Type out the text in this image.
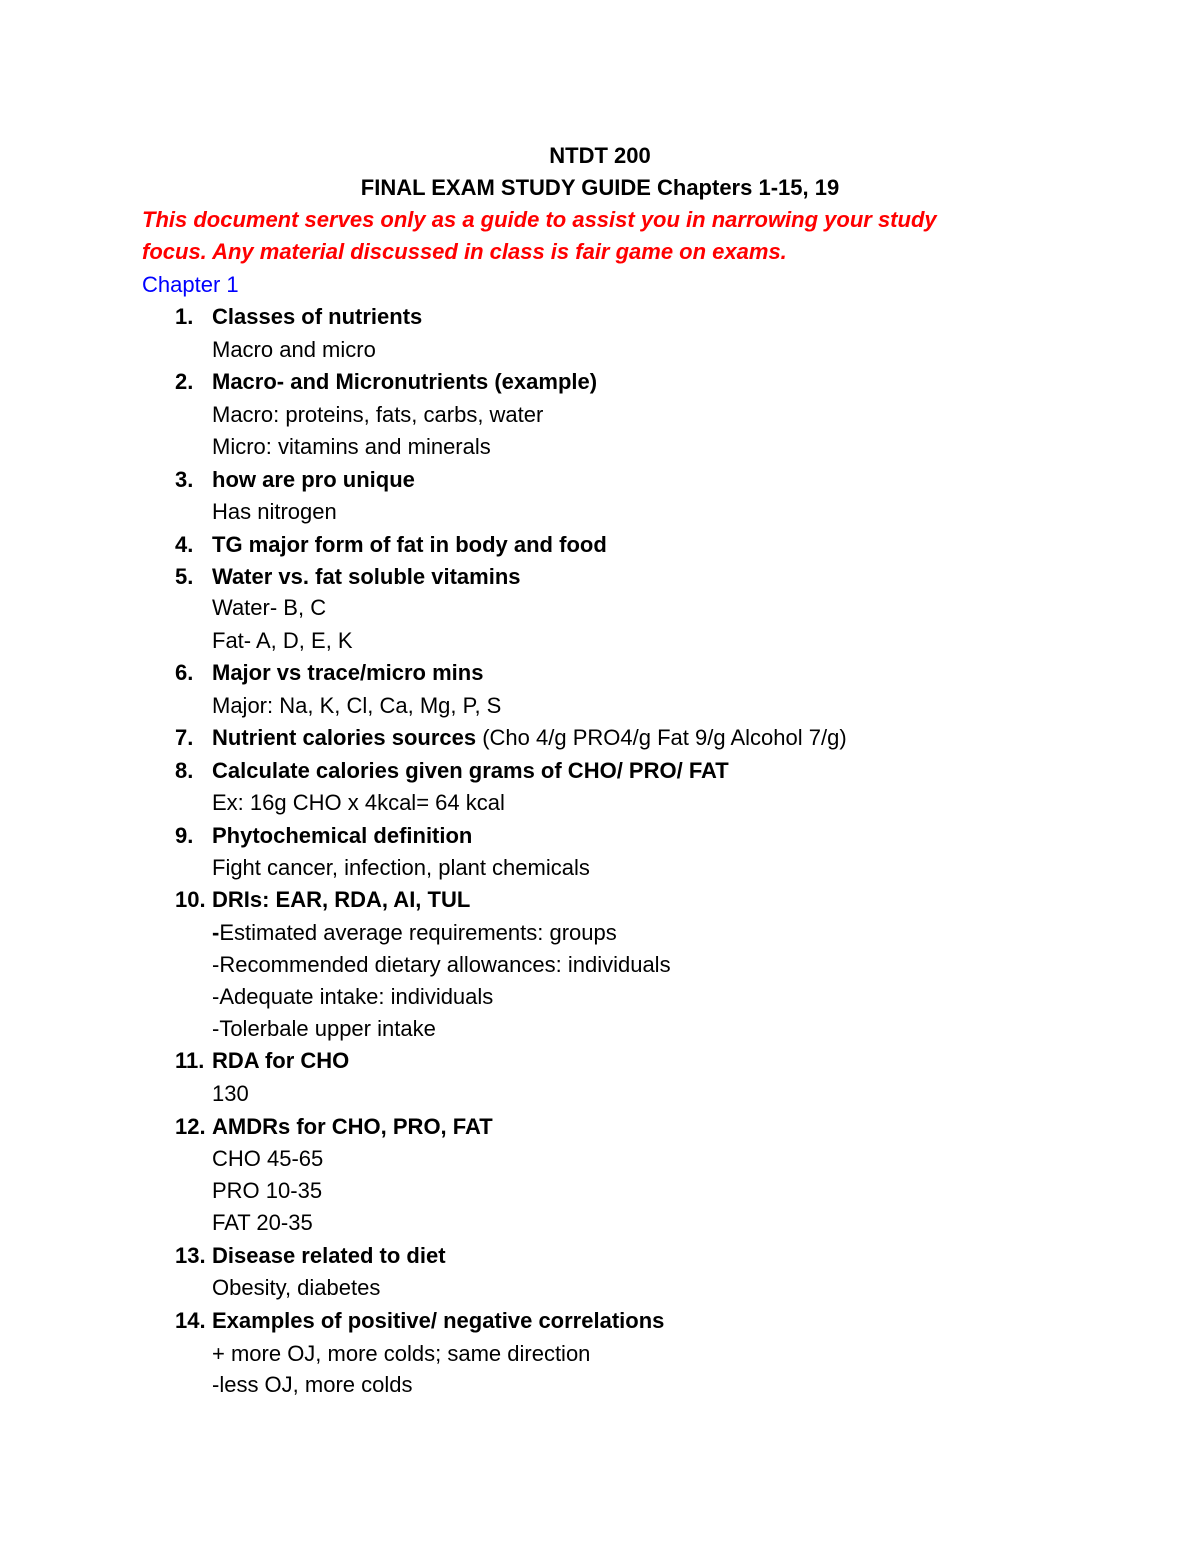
NTDT 200
FINAL EXAM STUDY GUIDE Chapters 1-15, 19
This document serves only as a guide to assist you in narrowing your study
focus. Any material discussed in class is fair game on exams.
Chapter 1
1. Classes of nutrients
Macro and micro
2. Macro- and Micronutrients (example)
Macro: proteins, fats, carbs, water
Micro: vitamins and minerals
3. how are pro unique
Has nitrogen
4. TG major form of fat in body and food
5. Water vs. fat soluble vitamins
Water- B, C
Fat- A, D, E, K
6. Major vs trace/micro mins
Major: Na, K, Cl, Ca, Mg, P, S
7. Nutrient calories sources (Cho 4/g PRO4/g Fat 9/g Alcohol 7/g)
8. Calculate calories given grams of CHO/ PRO/ FAT
Ex: 16g CHO x 4kcal= 64 kcal
9. Phytochemical definition
Fight cancer, infection, plant chemicals
10. DRIs: EAR, RDA, AI, TUL
-Estimated average requirements: groups
-Recommended dietary allowances: individuals
-Adequate intake: individuals
-Tolerbale upper intake
11. RDA for CHO
130
12. AMDRs for CHO, PRO, FAT
CHO 45-65
PRO 10-35
FAT 20-35
13. Disease related to diet
Obesity, diabetes
14. Examples of positive/ negative correlations
+ more OJ, more colds; same direction
-less OJ, more colds
